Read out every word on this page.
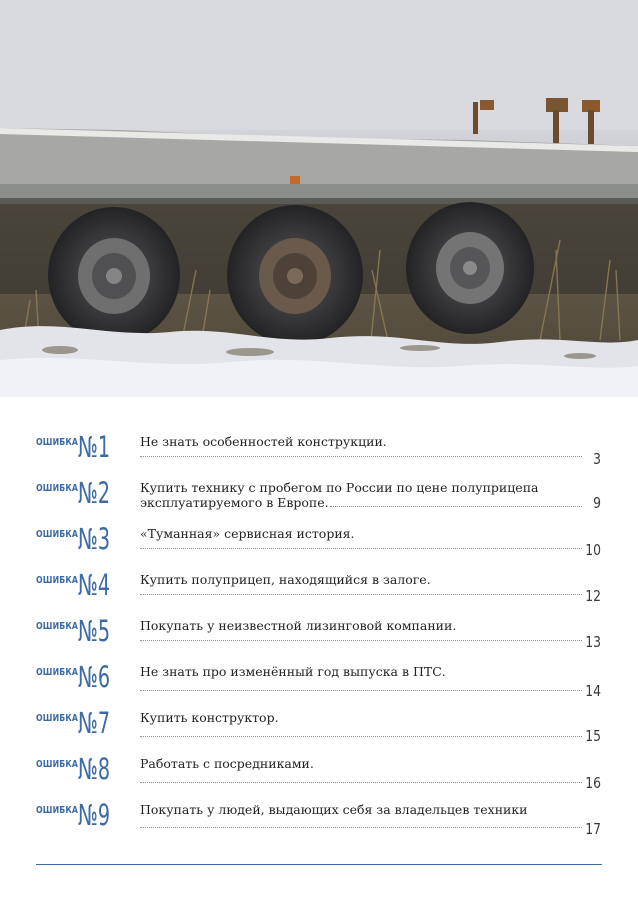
ОШИБКА №1 Не знать особенностей конструкции.
3
ОШИБКА №2 Купить технику с пробегом по России по цене полуприцепа
эксплуатируемого в Европе.	9
ОШИБКА №3 «Туманная» сервисная история.
10
ОШИБКА №4 Купить полуприцеп, находящийся в залоге.
12
ОШИБКА №5 Покупать у неизвестной лизинговой компании.
13
ОШИБКА №6 Не знать про изменённый год выпуска в ПТС.
14
ОШИБКА №7 Купить конструктор.
15
ОШИБКА №8 Работать с посредниками.
16
ОШИБКА №9 Покупать у людей, выдающих себя за владельцев техники
17
